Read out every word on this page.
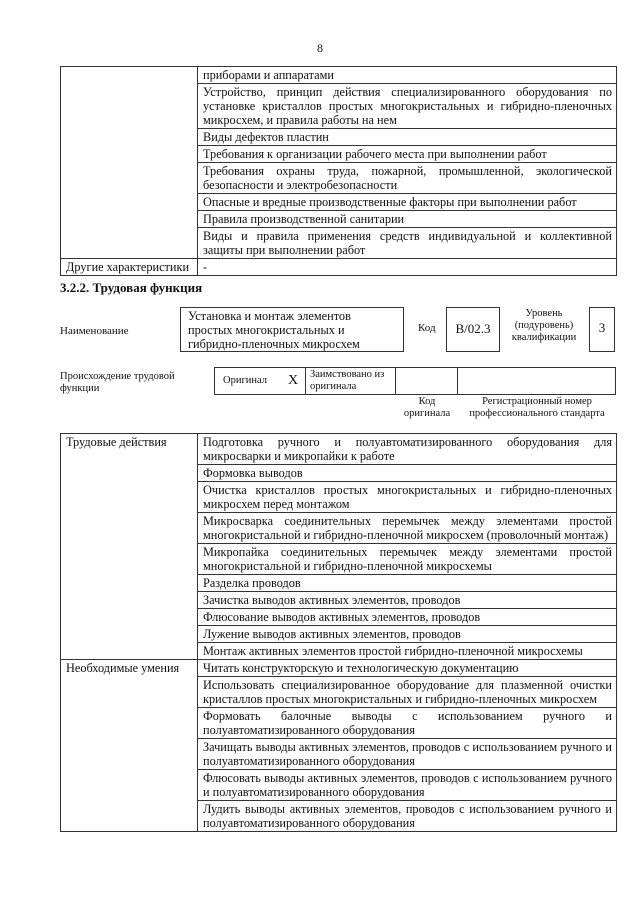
8
	приборами и аппаратами
	Устройство, принцип действия специализированного оборудования по установке кристаллов простых многокристальных и гибридно-пленочных микросхем, и правила работы на нем
	Виды дефектов пластин
	Требования к организации рабочего места при выполнении работ
	Требования охраны труда, пожарной, промышленной, экологической безопасности и электробезопасности
	Опасные и вредные производственные факторы при выполнении работ
	Правила производственной санитарии
	Виды и правила применения средств индивидуальной и коллективной защиты при выполнении работ
Другие характеристики	-
3.2.2. Трудовая функция
Наименование
Установка и монтаж элементов простых многокристальных и гибридно-пленочных микросхем
Код	В/02.3
Уровень (подуровень) квалификации
3
Происхождение трудовой функции
Оригинал X Заимствовано из оригинала
Код оригинала
Регистрационный номер профессионального стандарта
Трудовые действия	Подготовка ручного и полуавтоматизированного оборудования для микросварки и микропайки к работе
	Формовка выводов
	Очистка кристаллов простых многокристальных и гибридно-пленочных микросхем перед монтажом
	Микросварка соединительных перемычек между элементами простой многокристальной и гибридно-пленочной микросхем (проволочный монтаж)
	Микропайка соединительных перемычек между элементами простой многокристальной и гибридно-пленочной микросхемы
	Разделка проводов
	Зачистка выводов активных элементов, проводов
	Флюсование выводов активных элементов, проводов
	Лужение выводов активных элементов, проводов
	Монтаж активных элементов простой гибридно-пленочной микросхемы
Необходимые умения	Читать конструкторскую и технологическую документацию
	Использовать специализированное оборудование для плазменной очистки кристаллов простых многокристальных и гибридно-пленочных микросхем
	Формовать балочные выводы с использованием ручного и полуавтоматизированного оборудования
	Зачищать выводы активных элементов, проводов с использованием ручного и полуавтоматизированного оборудования
	Флюсовать выводы активных элементов, проводов с использованием ручного и полуавтоматизированного оборудования
	Лудить выводы активных элементов, проводов с использованием ручного и полуавтоматизированного оборудования
